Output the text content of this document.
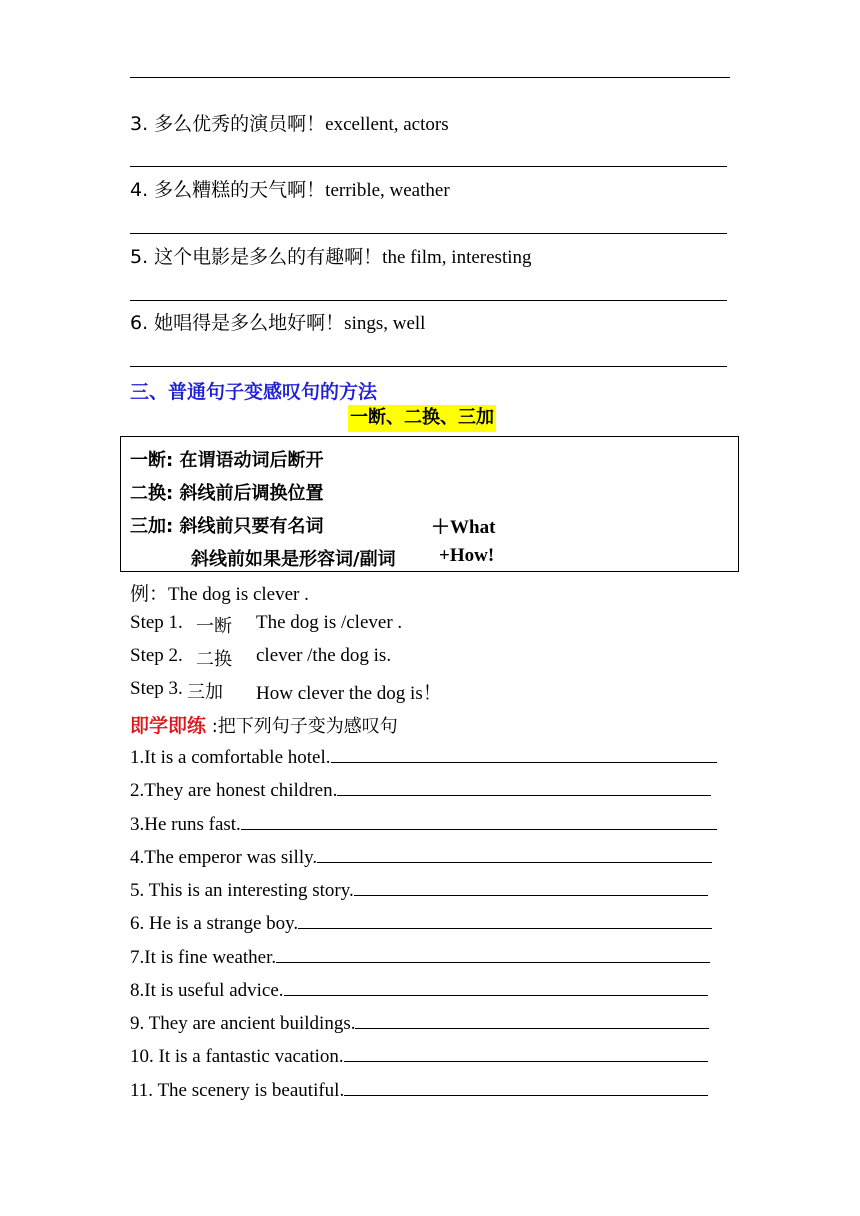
3. 多么优秀的演员啊！excellent, actors
4. 多么糟糕的天气啊！terrible, weather
5. 这个电影是多么的有趣啊！the film, interesting
6. 她唱得是多么地好啊！sings, well
三、普通句子变感叹句的方法
一断、二换、三加
一断: 在谓语动词后断开
二换: 斜线前后调换位置
三加: 斜线前只要有名词	＋What
斜线前如果是形容词/副词 +How!
例：The dog is clever .
Step 1. 一断 The dog is /clever .
Step 2. 二换 clever /the dog is.
Step 3. 三加 How clever the dog is！
即学即练 :把下列句子变为感叹句
1.It is a comfortable hotel.
2.They are honest children.
3.He runs fast.
4.The emperor was silly.
5. This is an interesting story.
6. He is a strange boy.
7.It is fine weather.
8.It is useful advice.
9. They are ancient buildings.
10. It is a fantastic vacation.
11. The scenery is beautiful.
